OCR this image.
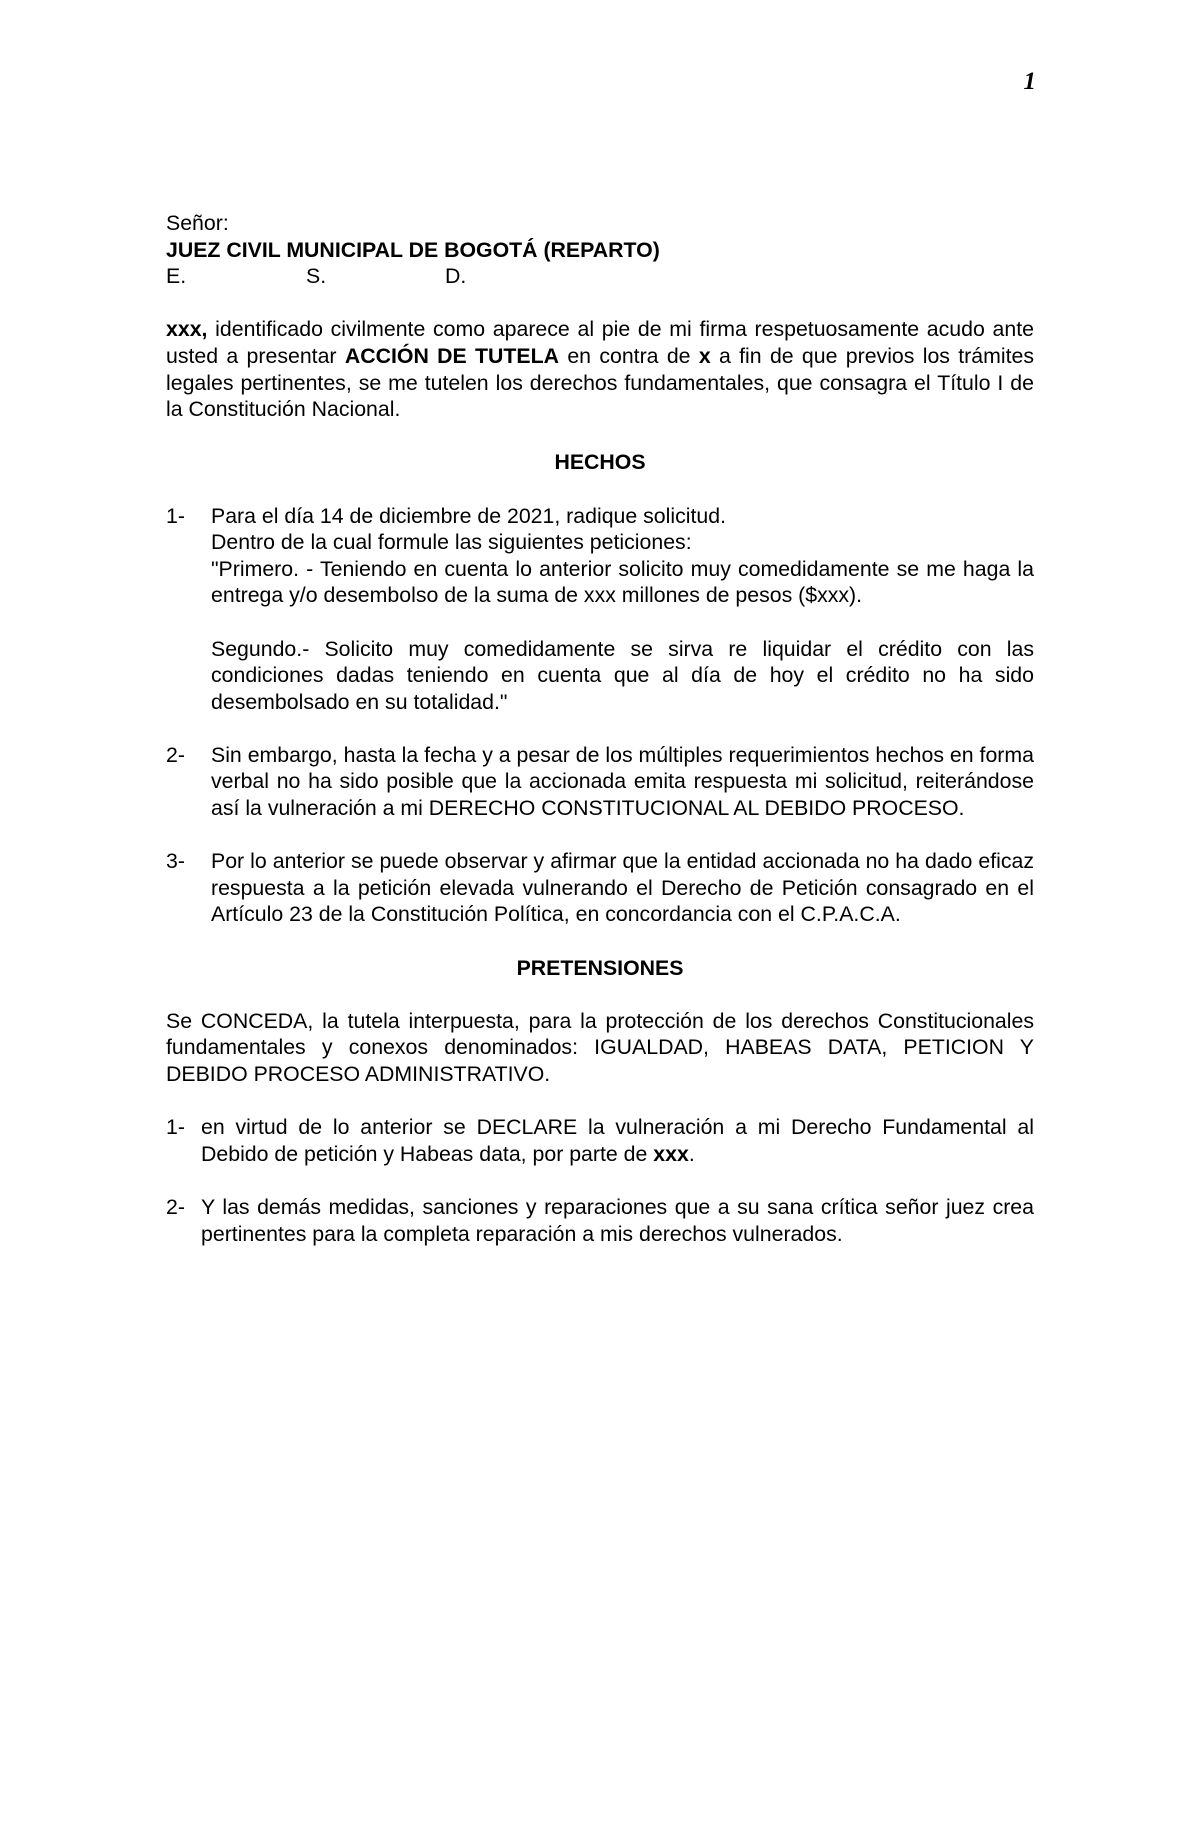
1

Señor:

JUEZ CIVIL MUNICIPAL DE BOGOTÁ (REPARTO)

E.	S.	D.

xxx, identificado civilmente como aparece al pie de mi firma respetuosamente acudo ante usted a presentar ACCIÓN DE TUTELA en contra de x a fin de que previos los trámites legales pertinentes, se me tutelen los derechos fundamentales, que consagra el Título I de la Constitución Nacional.

HECHOS

1- Para el día 14 de diciembre de 2021, radique solicitud.

Dentro de la cual formule las siguientes peticiones:

"Primero. - Teniendo en cuenta lo anterior solicito muy comedidamente se me haga la entrega y/o desembolso de la suma de xxx millones de pesos ($xxx).

Segundo.- Solicito muy comedidamente se sirva re liquidar el crédito con las condiciones dadas teniendo en cuenta que al día de hoy el crédito no ha sido desembolsado en su totalidad."

2- Sin embargo, hasta la fecha y a pesar de los múltiples requerimientos hechos en forma verbal no ha sido posible que la accionada emita respuesta mi solicitud, reiterándose así la vulneración a mi DERECHO CONSTITUCIONAL AL DEBIDO PROCESO.

3- Por lo anterior se puede observar y afirmar que la entidad accionada no ha dado eficaz respuesta a la petición elevada vulnerando el Derecho de Petición consagrado en el Artículo 23 de la Constitución Política, en concordancia con el C.P.A.C.A.

PRETENSIONES

Se CONCEDA, la tutela interpuesta, para la protección de los derechos Constitucionales fundamentales y conexos denominados: IGUALDAD, HABEAS DATA, PETICION Y DEBIDO PROCESO ADMINISTRATIVO.

1- en virtud de lo anterior se DECLARE la vulneración a mi Derecho Fundamental al Debido de petición y Habeas data, por parte de xxx.

2- Y las demás medidas, sanciones y reparaciones que a su sana crítica señor juez crea pertinentes para la completa reparación a mis derechos vulnerados.
